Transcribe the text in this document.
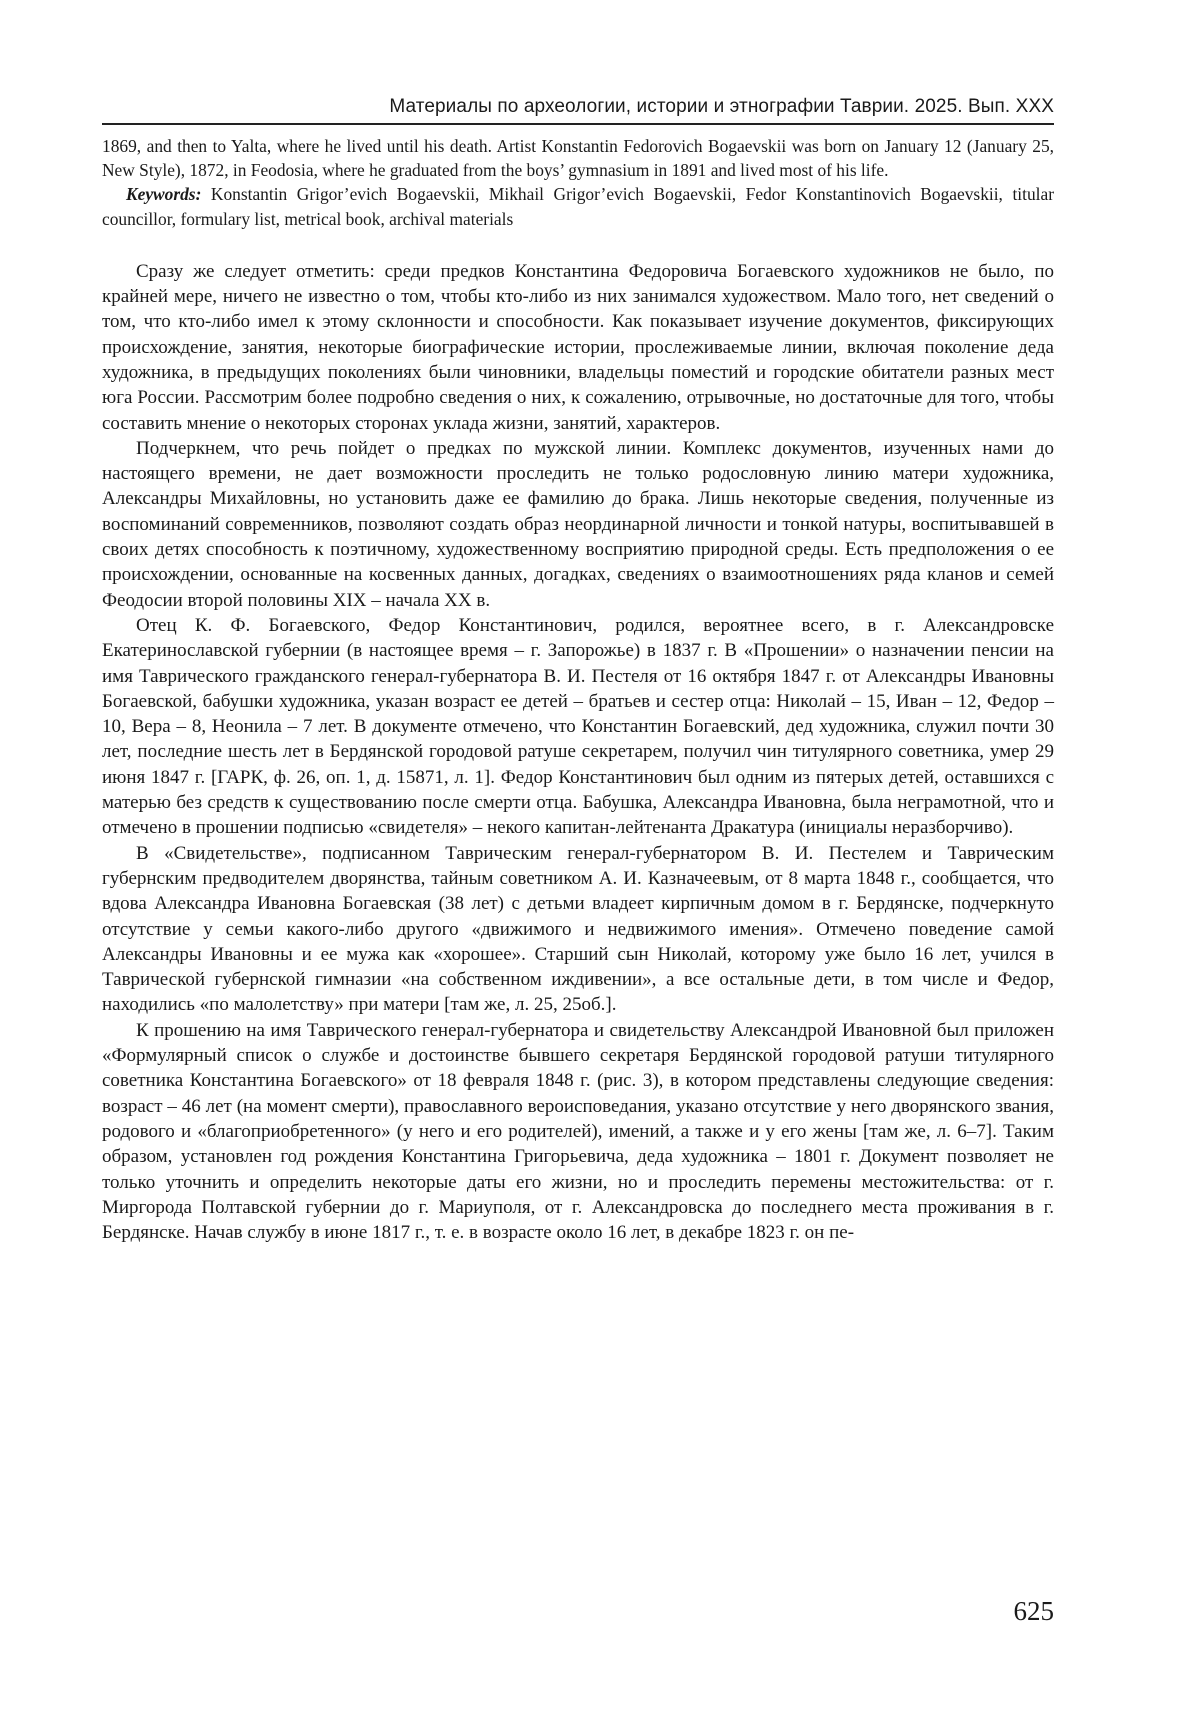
Материалы по археологии, истории и этнографии Таврии. 2025. Вып. XXX

1869, and then to Yalta, where he lived until his death. Artist Konstantin Fedorovich Bogaevskii was born on January 12 (January 25, New Style), 1872, in Feodosia, where he graduated from the boys’ gymnasium in 1891 and lived most of his life.

Keywords: Konstantin Grigor’evich Bogaevskii, Mikhail Grigor’evich Bogaevskii, Fedor Konstantinovich Bogaevskii, titular councillor, formulary list, metrical book, archival materials

Сразу же следует отметить: среди предков Константина Федоровича Богаевского художников не было, по крайней мере, ничего не известно о том, чтобы кто-либо из них занимался художеством. Мало того, нет сведений о том, что кто-либо имел к этому склонности и способности. Как показывает изучение документов, фиксирующих происхождение, занятия, некоторые биографические истории, прослеживаемые линии, включая поколение деда художника, в предыдущих поколениях были чиновники, владельцы поместий и городские обитатели разных мест юга России. Рассмотрим более подробно сведения о них, к сожалению, отрывочные, но достаточные для того, чтобы составить мнение о некоторых сторонах уклада жизни, занятий, характеров.

Подчеркнем, что речь пойдет о предках по мужской линии. Комплекс документов, изученных нами до настоящего времени, не дает возможности проследить не только родословную линию матери художника, Александры Михайловны, но установить даже ее фамилию до брака. Лишь некоторые сведения, полученные из воспоминаний современников, позволяют создать образ неординарной личности и тонкой натуры, воспитывавшей в своих детях способность к поэтичному, художественному восприятию природной среды. Есть предположения о ее происхождении, основанные на косвенных данных, догадках, сведениях о взаимоотношениях ряда кланов и семей Феодосии второй половины XIX – начала XX в.

Отец К. Ф. Богаевского, Федор Константинович, родился, вероятнее всего, в г. Александровске Екатеринославской губернии (в настоящее время – г. Запорожье) в 1837 г. В «Прошении» о назначении пенсии на имя Таврического гражданского генерал-губернатора В. И. Пестеля от 16 октября 1847 г. от Александры Ивановны Богаевской, бабушки художника, указан возраст ее детей – братьев и сестер отца: Николай – 15, Иван – 12, Федор – 10, Вера – 8, Неонила – 7 лет. В документе отмечено, что Константин Богаевский, дед художника, служил почти 30 лет, последние шесть лет в Бердянской городовой ратуше секретарем, получил чин титулярного советника, умер 29 июня 1847 г. [ГАРК, ф. 26, оп. 1, д. 15871, л. 1]. Федор Константинович был одним из пятерых детей, оставшихся с матерью без средств к существованию после смерти отца. Бабушка, Александра Ивановна, была неграмотной, что и отмечено в прошении подписью «свидетеля» – некого капитан-лейтенанта Дракатура (инициалы неразборчиво).

В «Свидетельстве», подписанном Таврическим генерал-губернатором В. И. Пестелем и Таврическим губернским предводителем дворянства, тайным советником А. И. Казначеевым, от 8 марта 1848 г., сообщается, что вдова Александра Ивановна Богаевская (38 лет) с детьми владеет кирпичным домом в г. Бердянске, подчеркнуто отсутствие у семьи какого-либо другого «движимого и недвижимого имения». Отмечено поведение самой Александры Ивановны и ее мужа как «хорошее». Старший сын Николай, которому уже было 16 лет, учился в Таврической губернской гимназии «на собственном иждивении», а все остальные дети, в том числе и Федор, находились «по малолетству» при матери [там же, л. 25, 25об.].

К прошению на имя Таврического генерал-губернатора и свидетельству Александрой Ивановной был приложен «Формулярный список о службе и достоинстве бывшего секретаря Бердянской городовой ратуши титулярного советника Константина Богаевского» от 18 февраля 1848 г. (рис. 3), в котором представлены следующие сведения: возраст – 46 лет (на момент смерти), православного вероисповедания, указано отсутствие у него дворянского звания, родового и «благоприобретенного» (у него и его родителей), имений, а также и у его жены [там же, л. 6–7]. Таким образом, установлен год рождения Константина Григорьевича, деда художника – 1801 г. Документ позволяет не только уточнить и определить некоторые даты его жизни, но и проследить перемены местожительства: от г. Миргорода Полтавской губернии до г. Мариуполя, от г. Александровска до последнего места проживания в г. Бердянске. Начав службу в июне 1817 г., т. е. в возрасте около 16 лет, в декабре 1823 г. он пе-

625
